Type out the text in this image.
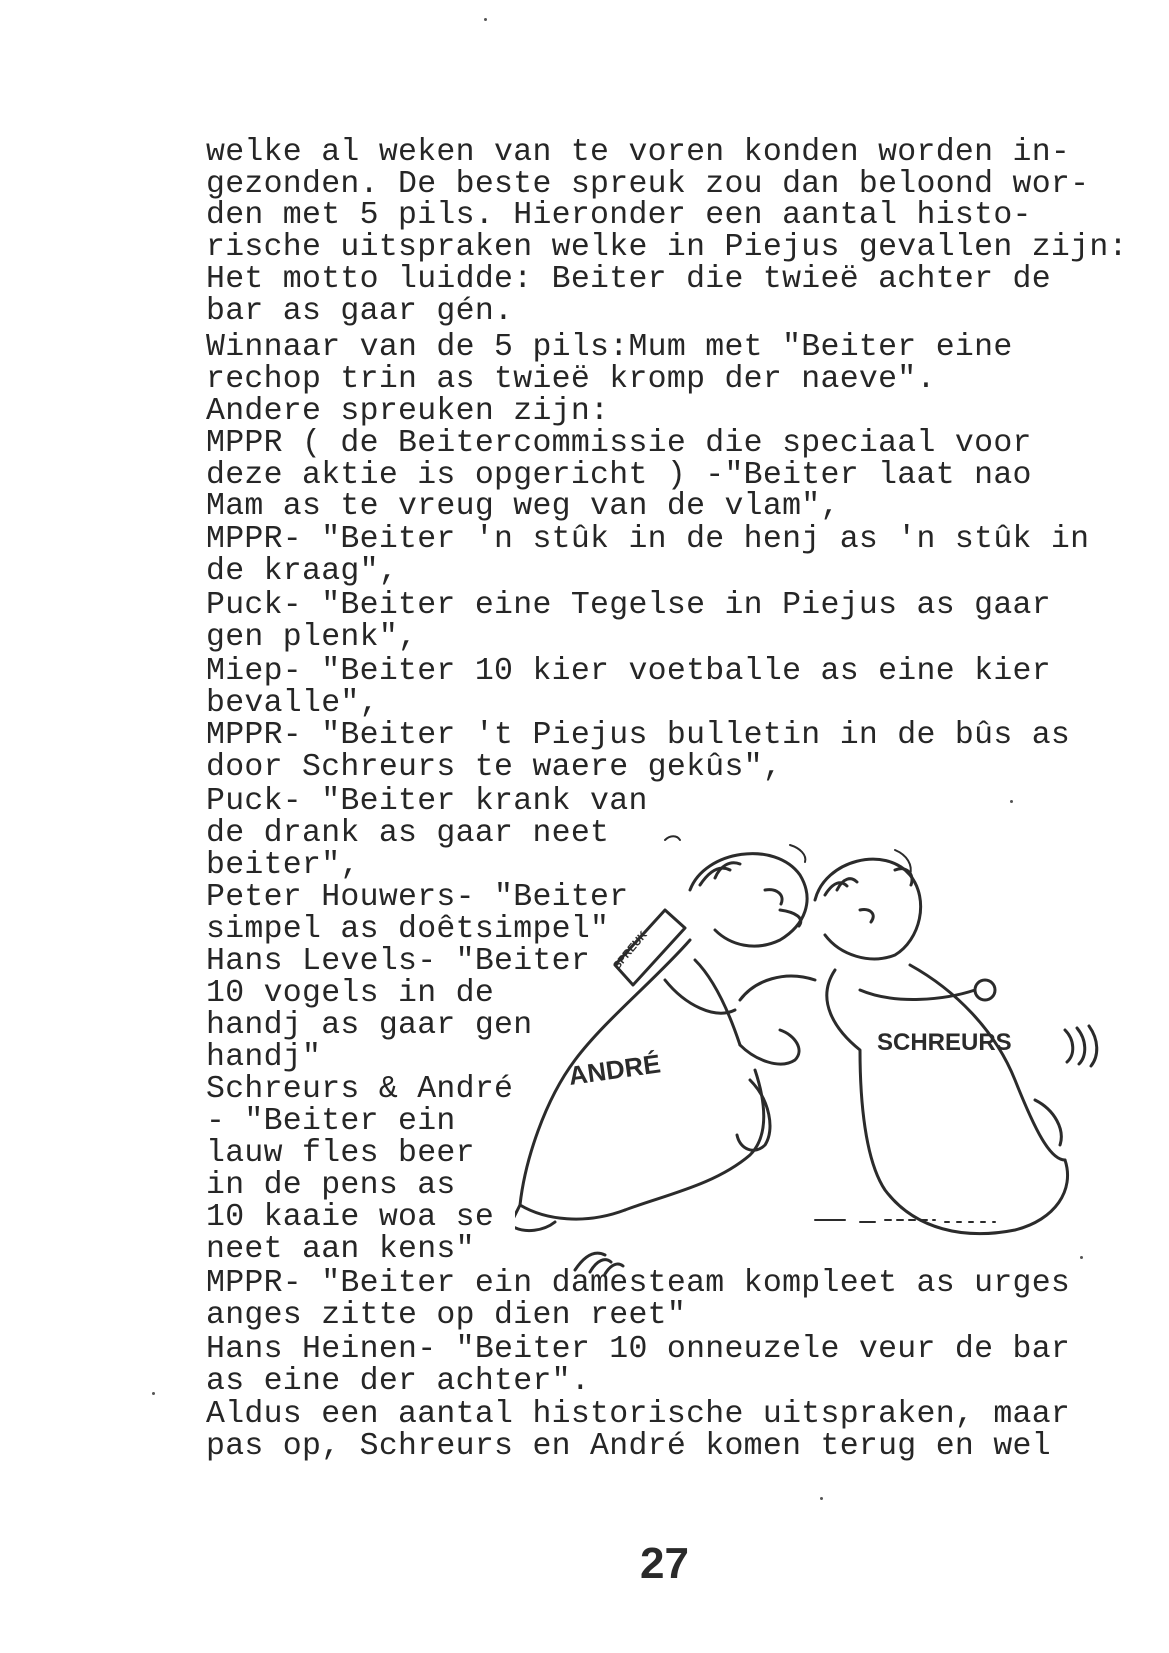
welke al weken van te voren konden worden in-
gezonden. De beste spreuk zou dan beloond wor-
den met 5 pils. Hieronder een aantal histo-
rische uitspraken welke in Piejus gevallen zijn:
Het motto luidde: Beiter die twieë achter de
bar as gaar gén.
Winnaar van de 5 pils:Mum met "Beiter eine
rechop trin as twieë kromp der naeve".
Andere spreuken zijn:
MPPR ( de Beitercommissie die speciaal voor
deze aktie is opgericht ) -"Beiter laat nao
Mam as te vreug weg van de vlam",
MPPR- "Beiter 'n stûk in de henj as 'n stûk in
de kraag",
Puck- "Beiter eine Tegelse in Piejus as gaar
gen plenk",
Miep- "Beiter 10 kier voetballe as eine kier
bevalle",
MPPR- "Beiter 't Piejus bulletin in de bûs as
door Schreurs te waere gekûs",
Puck- "Beiter krank van
de drank as gaar neet
beiter",
Peter Houwers- "Beiter
simpel as doêtsimpel"
Hans Levels- "Beiter
10 vogels in de
handj as gaar gen
handj"
Schreurs & André
- "Beiter ein
lauw fles beer
in de pens as
10 kaaie woa se
neet aan kens"
MPPR- "Beiter ein damesteam kompleet as urges
anges zitte op dien reet"
Hans Heinen- "Beiter 10 onneuzele veur de bar
as eine der achter".
Aldus een aantal historische uitspraken, maar
pas op, Schreurs en André komen terug en wel
ANDRÉ
SCHREURS
SPREUK
27
